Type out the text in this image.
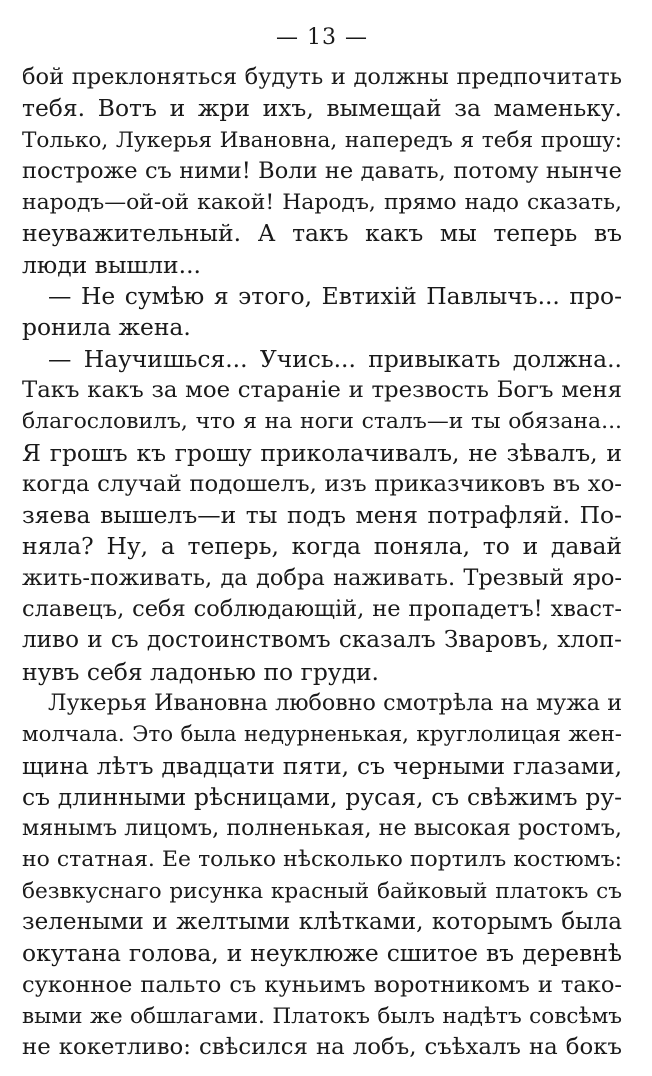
— 13 —
бой преклоняться будуть и должны предпочитать
тебя. Вотъ и жри ихъ, вымещай за маменьку.
Только, Лукерья Ивановна, напередъ я тебя прошу:
построже съ ними! Воли не давать, потому нынче
народъ—ой-ой какой! Народъ, прямо надо сказать,
неуважительный. А такъ какъ мы теперь въ
люди вышли...
— Не сумѣю я этого, Евтихій Павлычъ... про-
ронила жена.
— Научишься... Учись... привыкать должна..
Такъ какъ за мое стараніе и трезвость Богъ меня
благословилъ, что я на ноги сталъ—и ты обязана...
Я грошъ къ грошу приколачивалъ, не зѣвалъ, и
когда случай подошелъ, изъ приказчиковъ въ хо-
зяева вышелъ—и ты подъ меня потрафляй. По-
няла? Ну, а теперь, когда поняла, то и давай
жить-поживать, да добра наживать. Трезвый яро-
славецъ, себя соблюдающій, не пропадетъ! хваст-
ливо и съ достоинствомъ сказалъ Зваровъ, хлоп-
нувъ себя ладонью по груди.
Лукерья Ивановна любовно смотрѣла на мужа и
молчала. Это была недурненькая, круглолицая жен-
щина лѣтъ двадцати пяти, съ черными глазами,
съ длинными рѣсницами, русая, съ свѣжимъ ру-
мянымъ лицомъ, полненькая, не высокая ростомъ,
но статная. Ее только нѣсколько портилъ костюмъ:
безвкуснаго рисунка красный байковый платокъ съ
зелеными и желтыми клѣтками, которымъ была
окутана голова, и неуклюже сшитое въ деревнѣ
суконное пальто съ куньимъ воротникомъ и тако-
выми же обшлагами. Платокъ былъ надѣтъ совсѣмъ
не кокетливо: свѣсился на лобъ, съѣхалъ на бокъ
